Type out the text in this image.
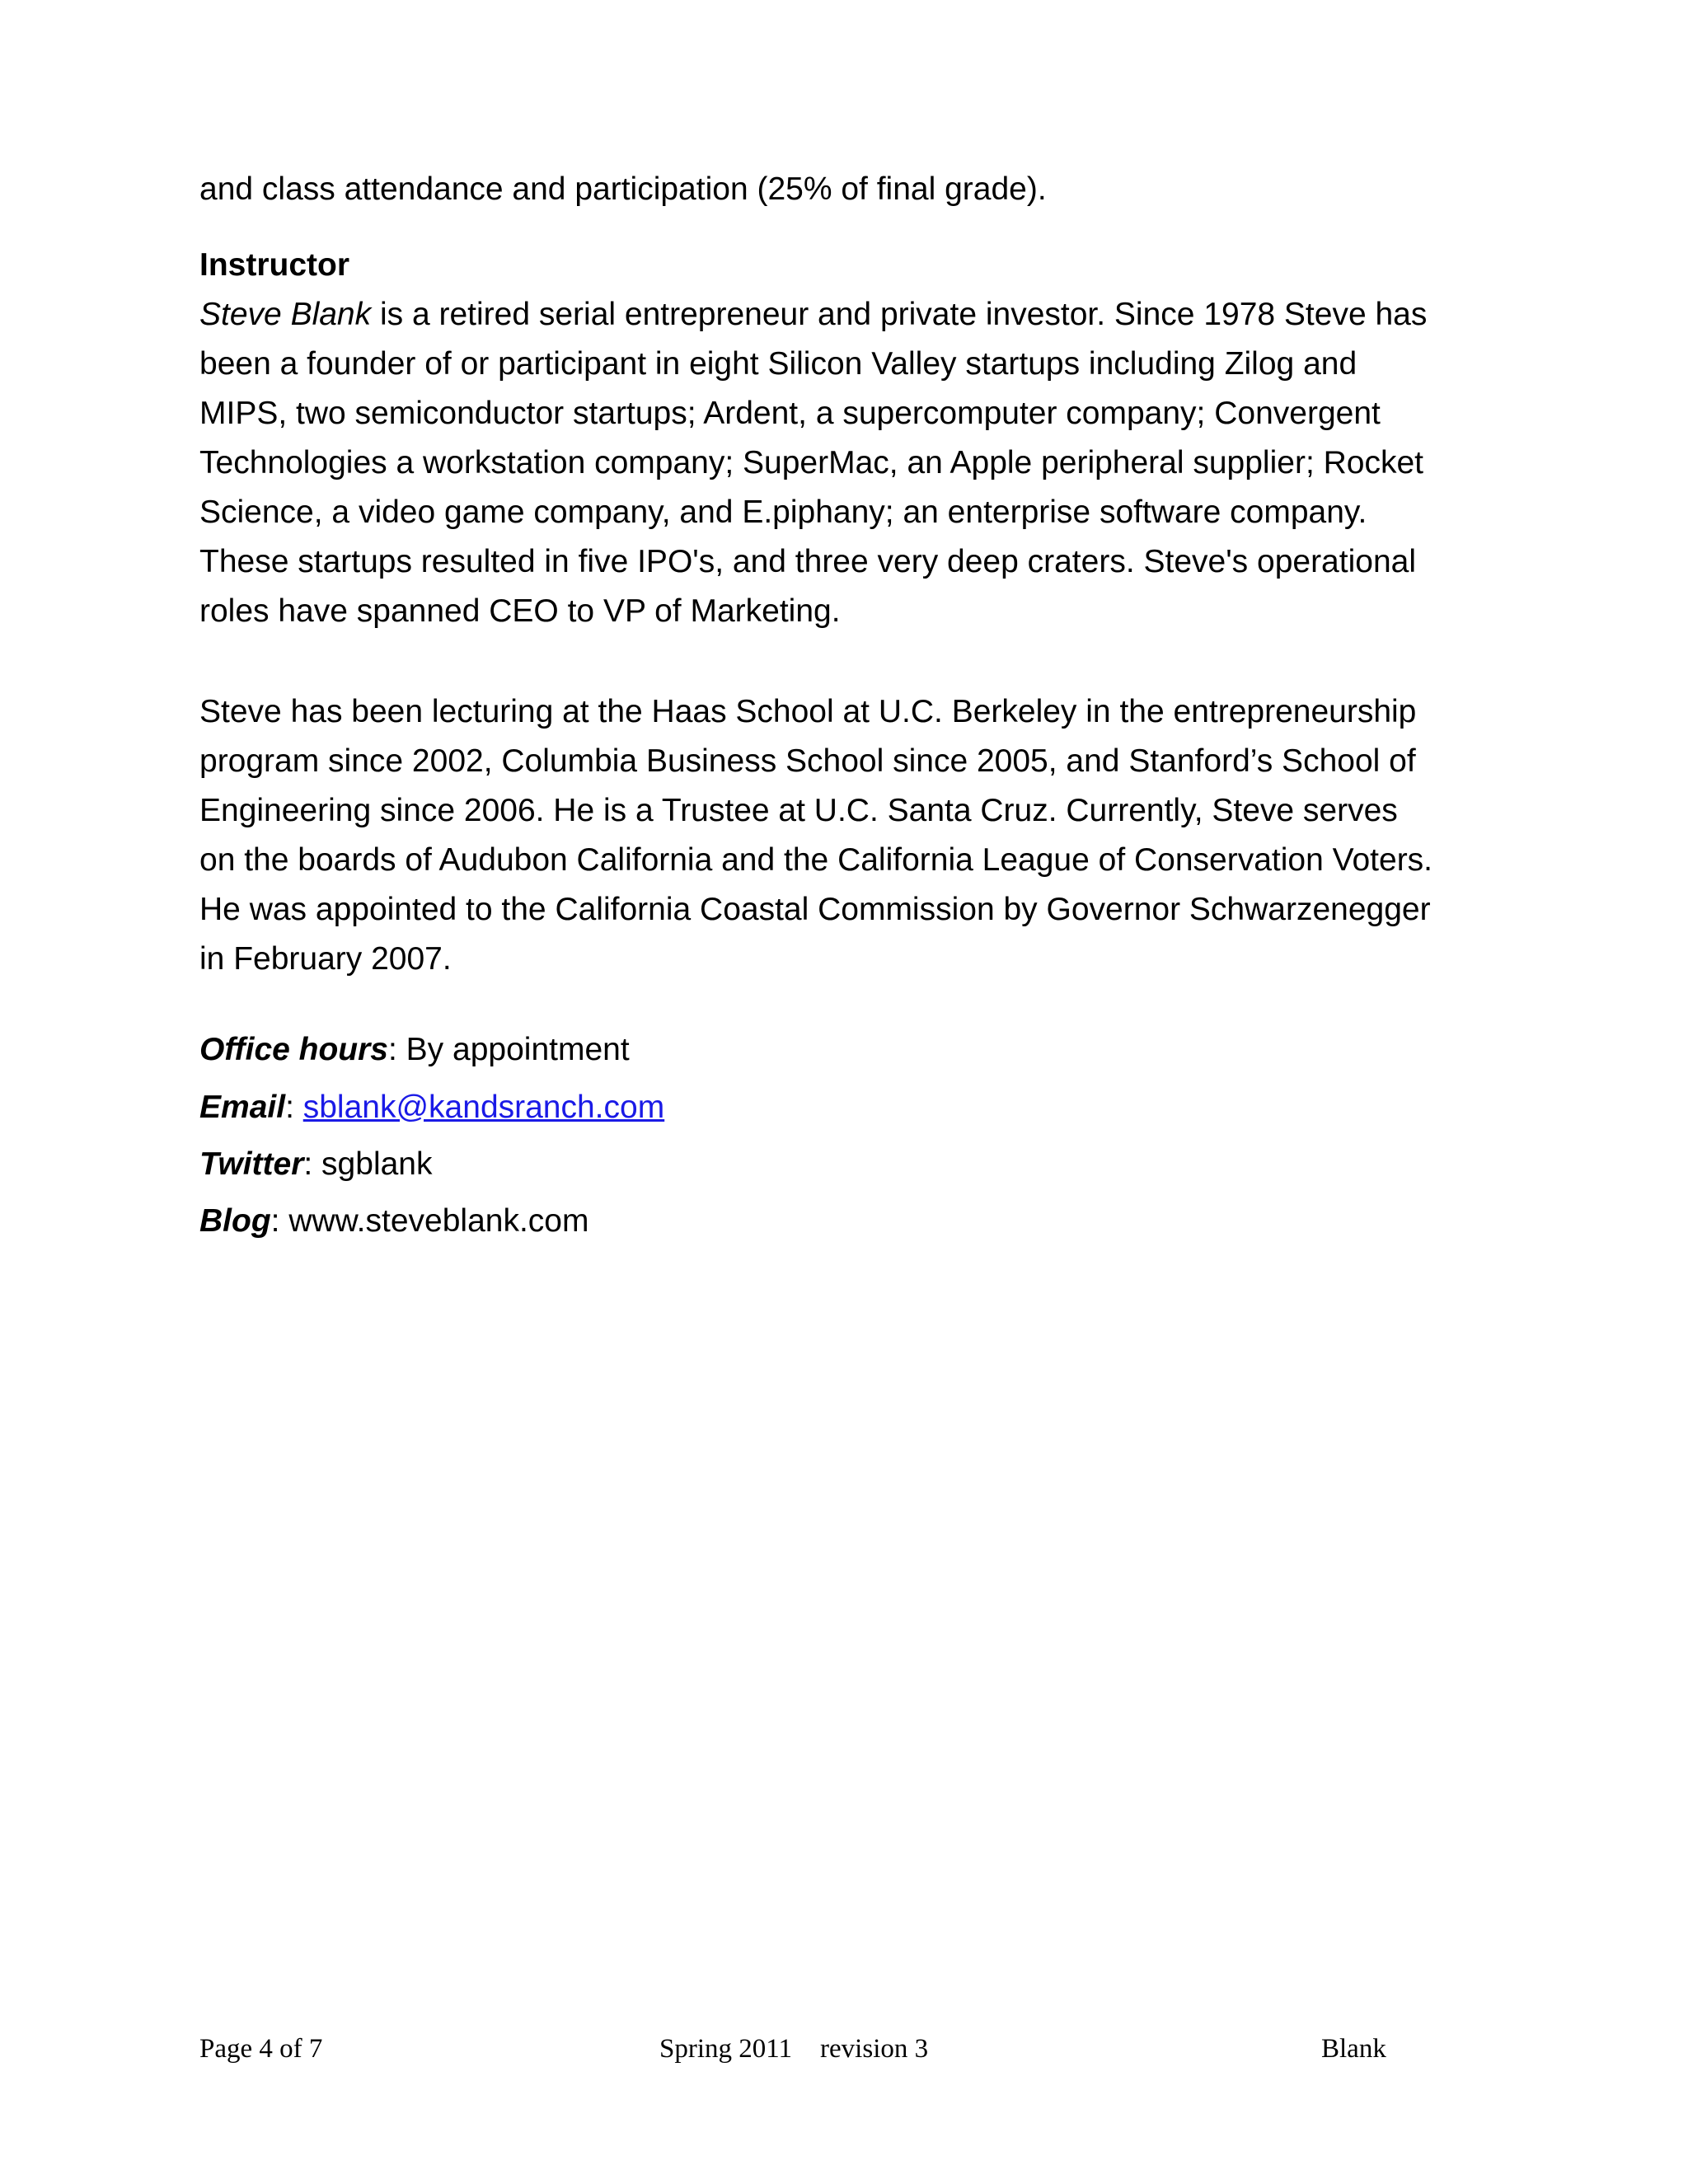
and class attendance and participation (25% of final grade).

Instructor

Steve Blank is a retired serial entrepreneur and private investor. Since 1978 Steve has
been a founder of or participant in eight Silicon Valley startups including Zilog and
MIPS, two semiconductor startups; Ardent, a supercomputer company; Convergent
Technologies a workstation company; SuperMac, an Apple peripheral supplier; Rocket
Science, a video game company, and E.piphany; an enterprise software company.
These startups resulted in five IPO's, and three very deep craters. Steve's operational
roles have spanned CEO to VP of Marketing.

Steve has been lecturing at the Haas School at U.C. Berkeley in the entrepreneurship
program since 2002, Columbia Business School since 2005, and Stanford’s School of
Engineering since 2006. He is a Trustee at U.C. Santa Cruz. Currently, Steve serves
on the boards of Audubon California and the California League of Conservation Voters.
He was appointed to the California Coastal Commission by Governor Schwarzenegger
in February 2007.

Office hours: By appointment

Email: sblank@kandsranch.com

Twitter: sgblank

Blog: www.steveblank.com

Page 4 of 7	Spring 2011 revision 3	Blank
